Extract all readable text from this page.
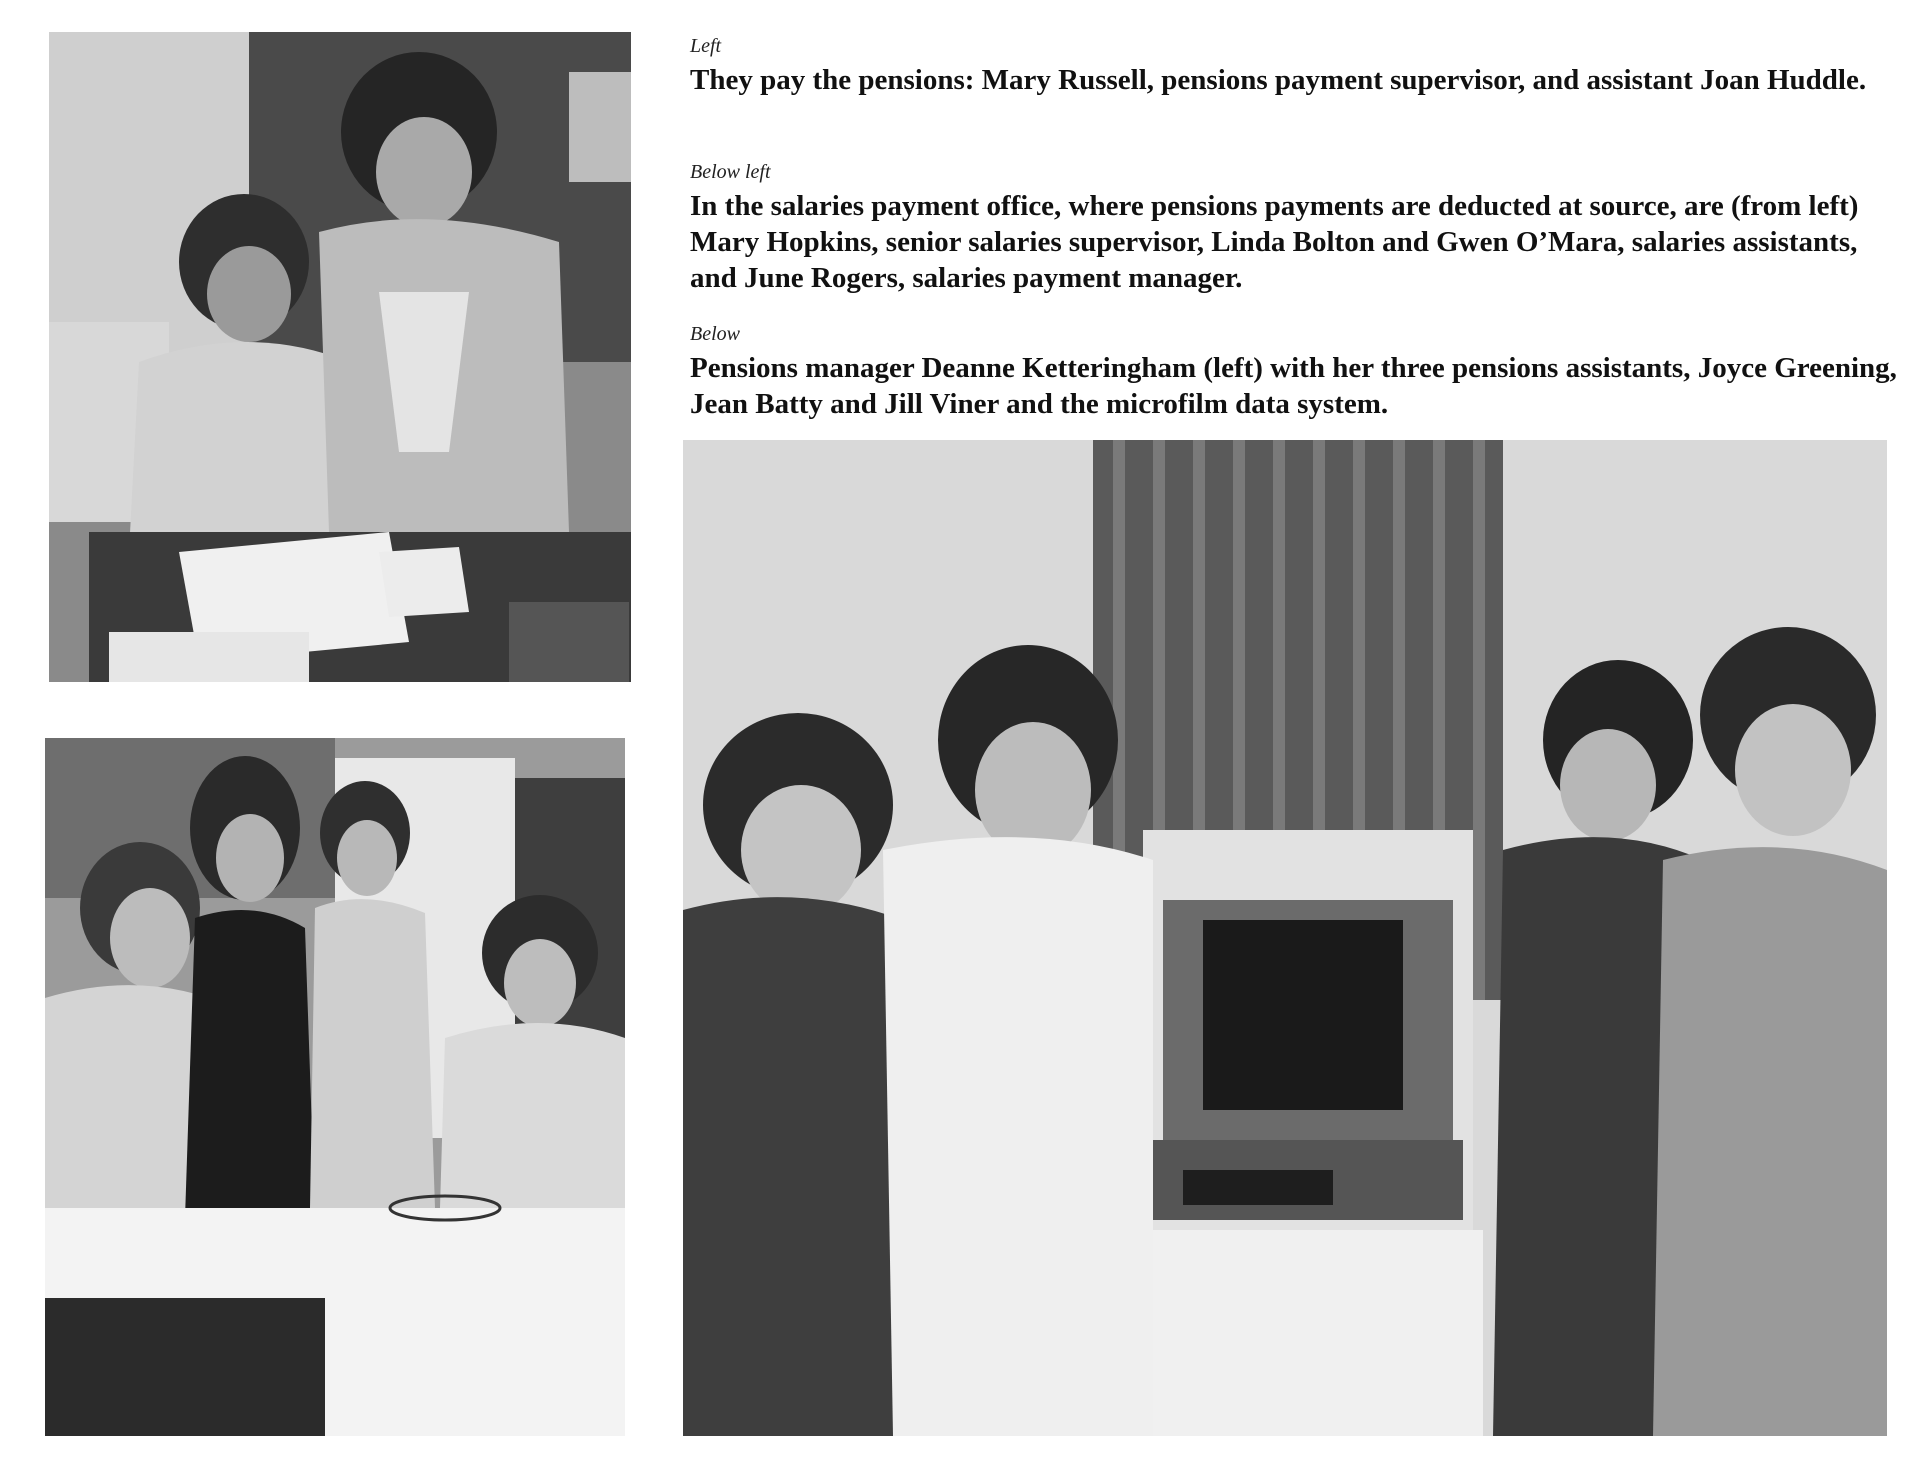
Left

They pay the pensions: Mary Russell, pensions payment supervisor, and assistant Joan Huddle.

Below left

In the salaries payment office, where pensions payments are deducted at source, are (from left) Mary Hopkins, senior salaries supervisor, Linda Bolton and Gwen O’Mara, salaries assistants, and June Rogers, salaries payment manager.

Below

Pensions manager Deanne Ketteringham (left) with her three pensions assistants, Joyce Greening, Jean Batty and Jill Viner and the microfilm data system.
